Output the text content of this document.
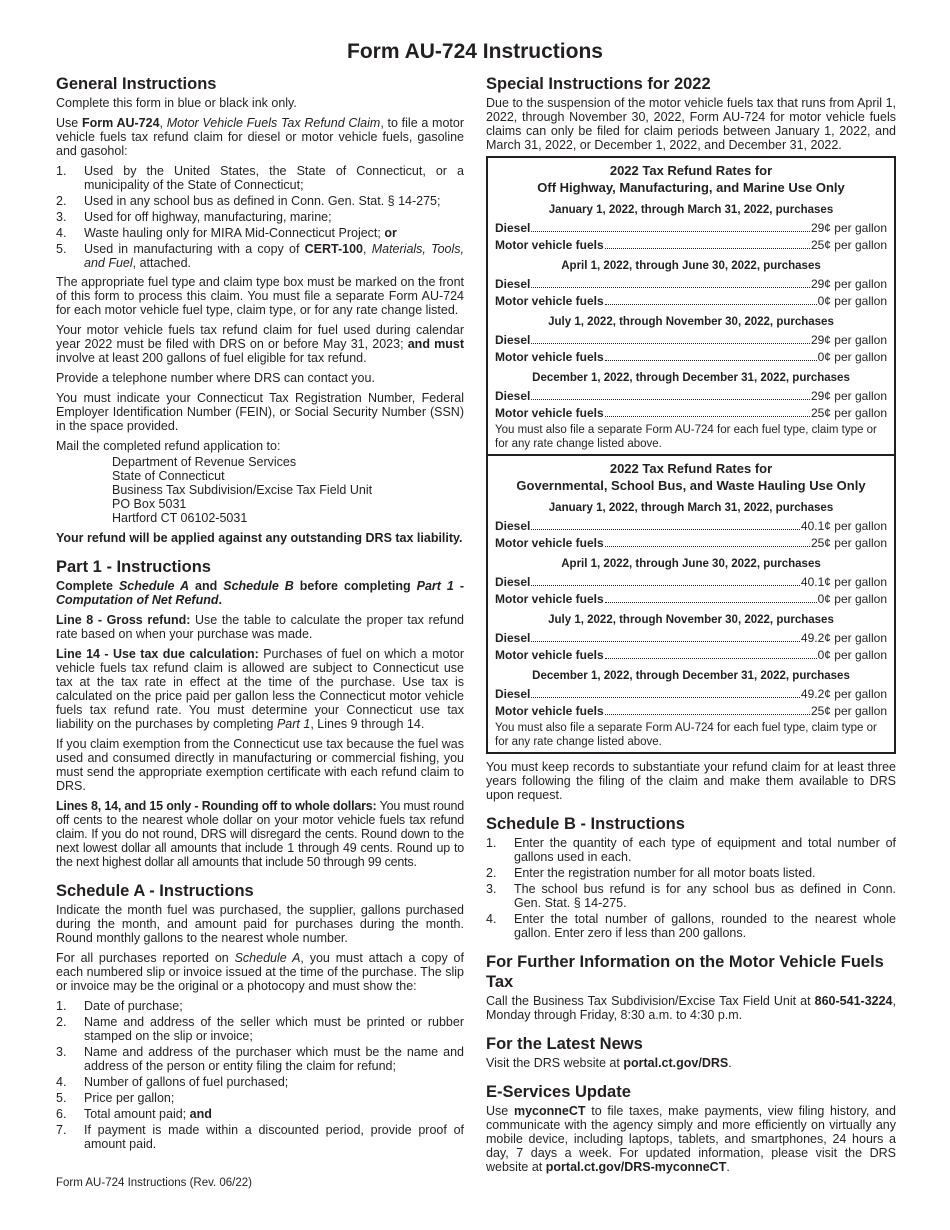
Form AU-724 Instructions
General Instructions

Complete this form in blue or black ink only.

Use Form AU-724, Motor Vehicle Fuels Tax Refund Claim, to file a motor vehicle fuels tax refund claim for diesel or motor vehicle fuels, gasoline and gasohol:

1.	Used by the United States, the State of Connecticut, or a municipality of the State of Connecticut;
2.	Used in any school bus as defined in Conn. Gen. Stat. § 14-275;
3.	Used for off highway, manufacturing, marine;
4.	Waste hauling only for MIRA Mid-Connecticut Project; or
5.	Used in manufacturing with a copy of CERT-100, Materials, Tools, and Fuel, attached.

The appropriate fuel type and claim type box must be marked on the front of this form to process this claim. You must file a separate Form AU-724 for each motor vehicle fuel type, claim type, or for any rate change listed.

Your motor vehicle fuels tax refund claim for fuel used during calendar year 2022 must be filed with DRS on or before May 31, 2023; and must involve at least 200 gallons of fuel eligible for tax refund.

Provide a telephone number where DRS can contact you.

You must indicate your Connecticut Tax Registration Number, Federal Employer Identification Number (FEIN), or Social Security Number (SSN) in the space provided.

Mail the completed refund application to:

Department of Revenue Services
State of Connecticut
Business Tax Subdivision/Excise Tax Field Unit
PO Box 5031
Hartford CT 06102-5031

Your refund will be applied against any outstanding DRS tax liability.

Part 1 - Instructions

Complete Schedule A and Schedule B before completing Part 1 - Computation of Net Refund.

Line 8 - Gross refund: Use the table to calculate the proper tax refund rate based on when your purchase was made.

Line 14 - Use tax due calculation: Purchases of fuel on which a motor vehicle fuels tax refund claim is allowed are subject to Connecticut use tax at the tax rate in effect at the time of the purchase. Use tax is calculated on the price paid per gallon less the Connecticut motor vehicle fuels tax refund rate. You must determine your Connecticut use tax liability on the purchases by completing Part 1, Lines 9 through 14.

If you claim exemption from the Connecticut use tax because the fuel was used and consumed directly in manufacturing or commercial fishing, you must send the appropriate exemption certificate with each refund claim to DRS.

Lines 8, 14, and 15 only - Rounding off to whole dollars: You must round off cents to the nearest whole dollar on your motor vehicle fuels tax refund claim. If you do not round, DRS will disregard the cents. Round down to the next lowest dollar all amounts that include 1 through 49 cents. Round up to the next highest dollar all amounts that include 50 through 99 cents.

Schedule A - Instructions

Indicate the month fuel was purchased, the supplier, gallons purchased during the month, and amount paid for purchases during the month. Round monthly gallons to the nearest whole number.

For all purchases reported on Schedule A, you must attach a copy of each numbered slip or invoice issued at the time of the purchase. The slip or invoice may be the original or a photocopy and must show the:

1.	Date of purchase;
2.	Name and address of the seller which must be printed or rubber stamped on the slip or invoice;
3.	Name and address of the purchaser which must be the name and address of the person or entity filing the claim for refund;
4.	Number of gallons of fuel purchased;
5.	Price per gallon;
6.	Total amount paid; and
7.	If payment is made within a discounted period, provide proof of amount paid.
Form AU-724 Instructions (Rev. 06/22)
Special Instructions for 2022

Due to the suspension of the motor vehicle fuels tax that runs from April 1, 2022, through November 30, 2022, Form AU-724 for motor vehicle fuels claims can only be filed for claim periods between January 1, 2022, and March 31, 2022, or December 1, 2022, and December 31, 2022.

2022 Tax Refund Rates for
Off Highway, Manufacturing, and Marine Use Only
January 1, 2022, through March 31, 2022, purchases
Diesel	29¢ per gallon
Motor vehicle fuels	25¢ per gallon
April 1, 2022, through June 30, 2022, purchases
Diesel	29¢ per gallon
Motor vehicle fuels	0¢ per gallon
July 1, 2022, through November 30, 2022, purchases
Diesel	29¢ per gallon
Motor vehicle fuels	0¢ per gallon
December 1, 2022, through December 31, 2022, purchases
Diesel	29¢ per gallon
Motor vehicle fuels	25¢ per gallon
You must also file a separate Form AU-724 for each fuel type, claim type or for any rate change listed above.
2022 Tax Refund Rates for
Governmental, School Bus, and Waste Hauling Use Only
January 1, 2022, through March 31, 2022, purchases
Diesel	40.1¢ per gallon
Motor vehicle fuels	25¢ per gallon
April 1, 2022, through June 30, 2022, purchases
Diesel	40.1¢ per gallon
Motor vehicle fuels	0¢ per gallon
July 1, 2022, through November 30, 2022, purchases
Diesel	49.2¢ per gallon
Motor vehicle fuels	0¢ per gallon
December 1, 2022, through December 31, 2022, purchases
Diesel	49.2¢ per gallon
Motor vehicle fuels	25¢ per gallon
You must also file a separate Form AU-724 for each fuel type, claim type or for any rate change listed above.

You must keep records to substantiate your refund claim for at least three years following the filing of the claim and make them available to DRS upon request.

Schedule B - Instructions
1.	Enter the quantity of each type of equipment and total number of gallons used in each.
2.	Enter the registration number for all motor boats listed.
3.	The school bus refund is for any school bus as defined in Conn. Gen. Stat. § 14-275.
4.	Enter the total number of gallons, rounded to the nearest whole gallon. Enter zero if less than 200 gallons.
For Further Information on the Motor Vehicle Fuels Tax

Call the Business Tax Subdivision/Excise Tax Field Unit at 860-541-3224, Monday through Friday, 8:30 a.m. to 4:30 p.m.

For the Latest News

Visit the DRS website at portal.ct.gov/DRS.

E-Services Update

Use myconneCT to file taxes, make payments, view filing history, and communicate with the agency simply and more efficiently on virtually any mobile device, including laptops, tablets, and smartphones, 24 hours a day, 7 days a week. For updated information, please visit the DRS website at portal.ct.gov/DRS-myconneCT.
